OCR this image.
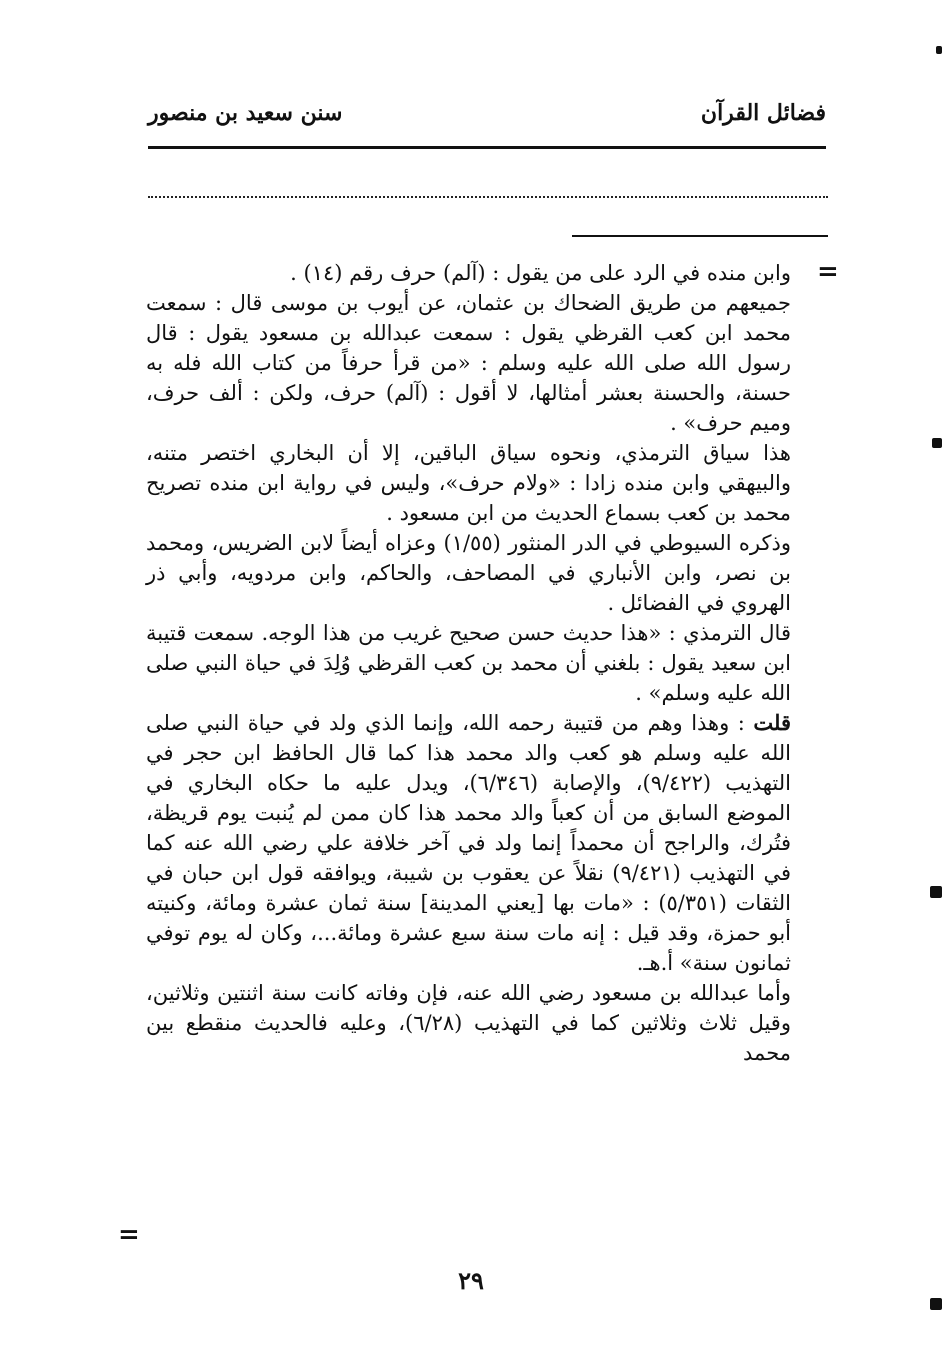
فضائل القرآن
سنن سعيد بن منصور
=

وابن منده في الرد على من يقول : (آلم) حرف رقم (١٤) .

جميعهم من طريق الضحاك بن عثمان، عن أيوب بن موسى قال : سمعت محمد ابن كعب القرظي يقول : سمعت عبدالله بن مسعود يقول : قال رسول الله صلى الله عليه وسلم : «من قرأ حرفاً من كتاب الله فله به حسنة، والحسنة بعشر أمثالها، لا أقول : (آلم) حرف، ولكن : ألف حرف، وميم حرف» .

هذا سياق الترمذي، ونحوه سياق الباقين، إلا أن البخاري اختصر متنه، والبيهقي وابن منده زادا : «ولام حرف»، وليس في رواية ابن منده تصريح محمد بن كعب بسماع الحديث من ابن مسعود .

وذكره السيوطي في الدر المنثور (١/٥٥) وعزاه أيضاً لابن الضريس، ومحمد بن نصر، وابن الأنباري في المصاحف، والحاكم، وابن مردويه، وأبي ذر الهروي في الفضائل .

قال الترمذي : «هذا حديث حسن صحيح غريب من هذا الوجه. سمعت قتيبة ابن سعيد يقول : بلغني أن محمد بن كعب القرظي وُلِدَ في حياة النبي صلى الله عليه وسلم» .

قلت : وهذا وهم من قتيبة رحمه الله، وإنما الذي ولد في حياة النبي صلى الله عليه وسلم هو كعب والد محمد هذا كما قال الحافظ ابن حجر في التهذيب (٩/٤٢٢)، والإصابة (٦/٣٤٦)، ويدل عليه ما حكاه البخاري في الموضع السابق من أن كعباً والد محمد هذا كان ممن لم يُنبت يوم قريظة، فتُرك، والراجح أن محمداً إنما ولد في آخر خلافة علي رضي الله عنه كما في التهذيب (٩/٤٢١) نقلاً عن يعقوب بن شيبة، ويوافقه قول ابن حبان في الثقات (٥/٣٥١) : «مات بها [يعني المدينة] سنة ثمان عشرة ومائة، وكنيته أبو حمزة، وقد قيل : إنه مات سنة سبع عشرة ومائة...، وكان له يوم توفي ثمانون سنة» أ.هـ.

وأما عبدالله بن مسعود رضي الله عنه، فإن وفاته كانت سنة اثنتين وثلاثين، وقيل ثلاث وثلاثين كما في التهذيب (٦/٢٨)، وعليه فالحديث منقطع بين محمد

=
٢٩
